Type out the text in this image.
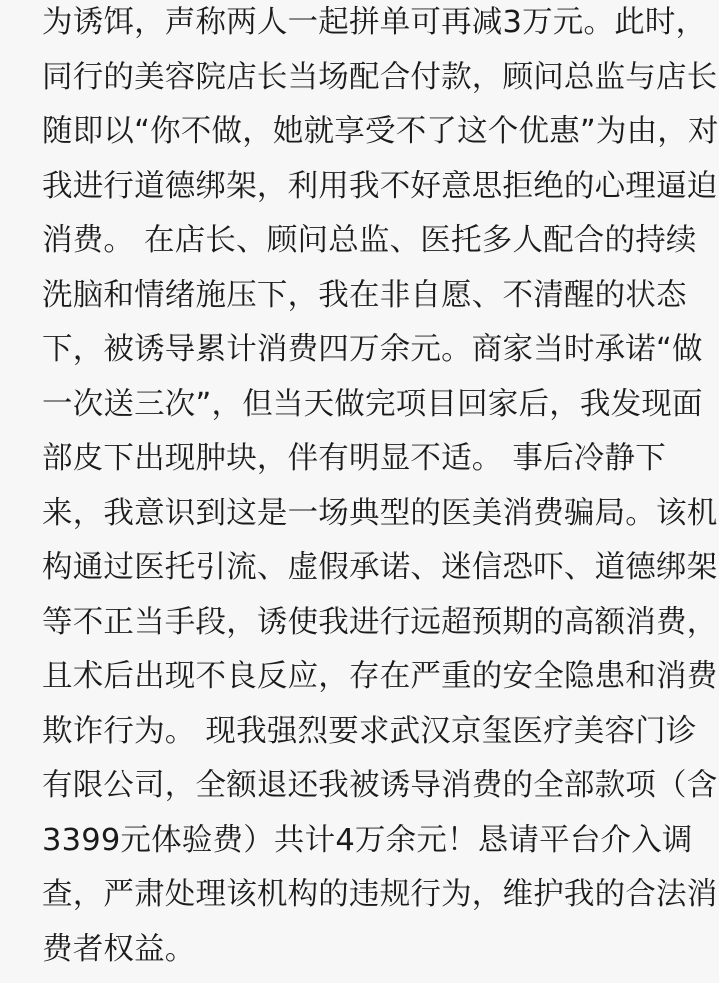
为诱饵，声称两人一起拼单可再减3万元。此时，
同行的美容院店长当场配合付款，顾问总监与店长
随即以“你不做，她就享受不了这个优惠”为由，对
我进行道德绑架，利用我不好意思拒绝的心理逼迫
消费。 在店长、顾问总监、医托多人配合的持续
洗脑和情绪施压下，我在非自愿、不清醒的状态
下，被诱导累计消费四万余元。商家当时承诺“做
一次送三次”，但当天做完项目回家后，我发现面
部皮下出现肿块，伴有明显不适。 事后冷静下
来，我意识到这是一场典型的医美消费骗局。该机
构通过医托引流、虚假承诺、迷信恐吓、道德绑架
等不正当手段，诱使我进行远超预期的高额消费，
且术后出现不良反应，存在严重的安全隐患和消费
欺诈行为。 现我强烈要求武汉京玺医疗美容门诊
有限公司，全额退还我被诱导消费的全部款项（含
3399元体验费）共计4万余元！恳请平台介入调
查，严肃处理该机构的违规行为，维护我的合法消
费者权益。
